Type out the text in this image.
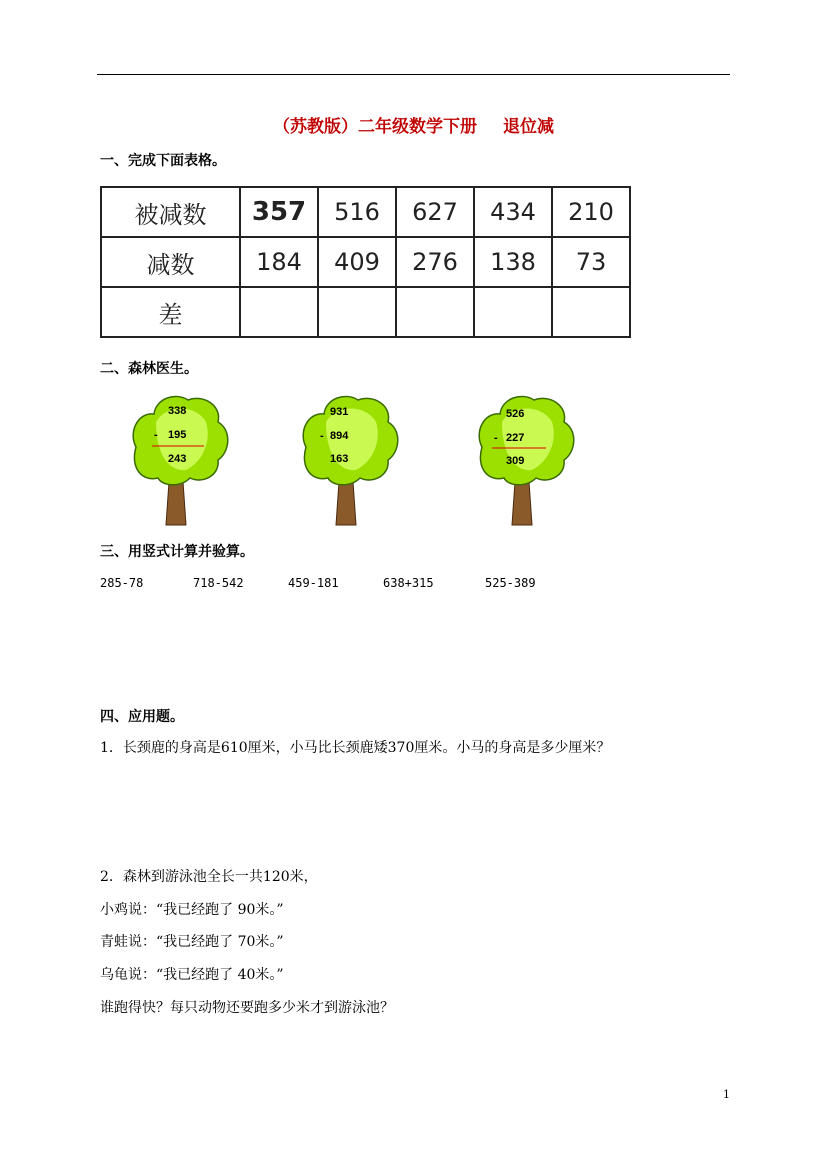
（苏教版）二年级数学下册 退位减
一、完成下面表格。
被减数	357	516	627	434	210
减数	184	409	276	138	73
差					
二、森林医生。
338
- 195
243
931
- 894
163
526
- 227
309
三、用竖式计算并验算。
285-78	718-542	459-181	638+315	525-389
四、应用题。
1．长颈鹿的身高是610厘米，小马比长颈鹿矮370厘米。小马的身高是多少厘米？
2．森林到游泳池全长一共120米，
小鸡说：“我已经跑了 90米。”
青蛙说：“我已经跑了 70米。”
乌龟说：“我已经跑了 40米。”
谁跑得快？每只动物还要跑多少米才到游泳池？
1
